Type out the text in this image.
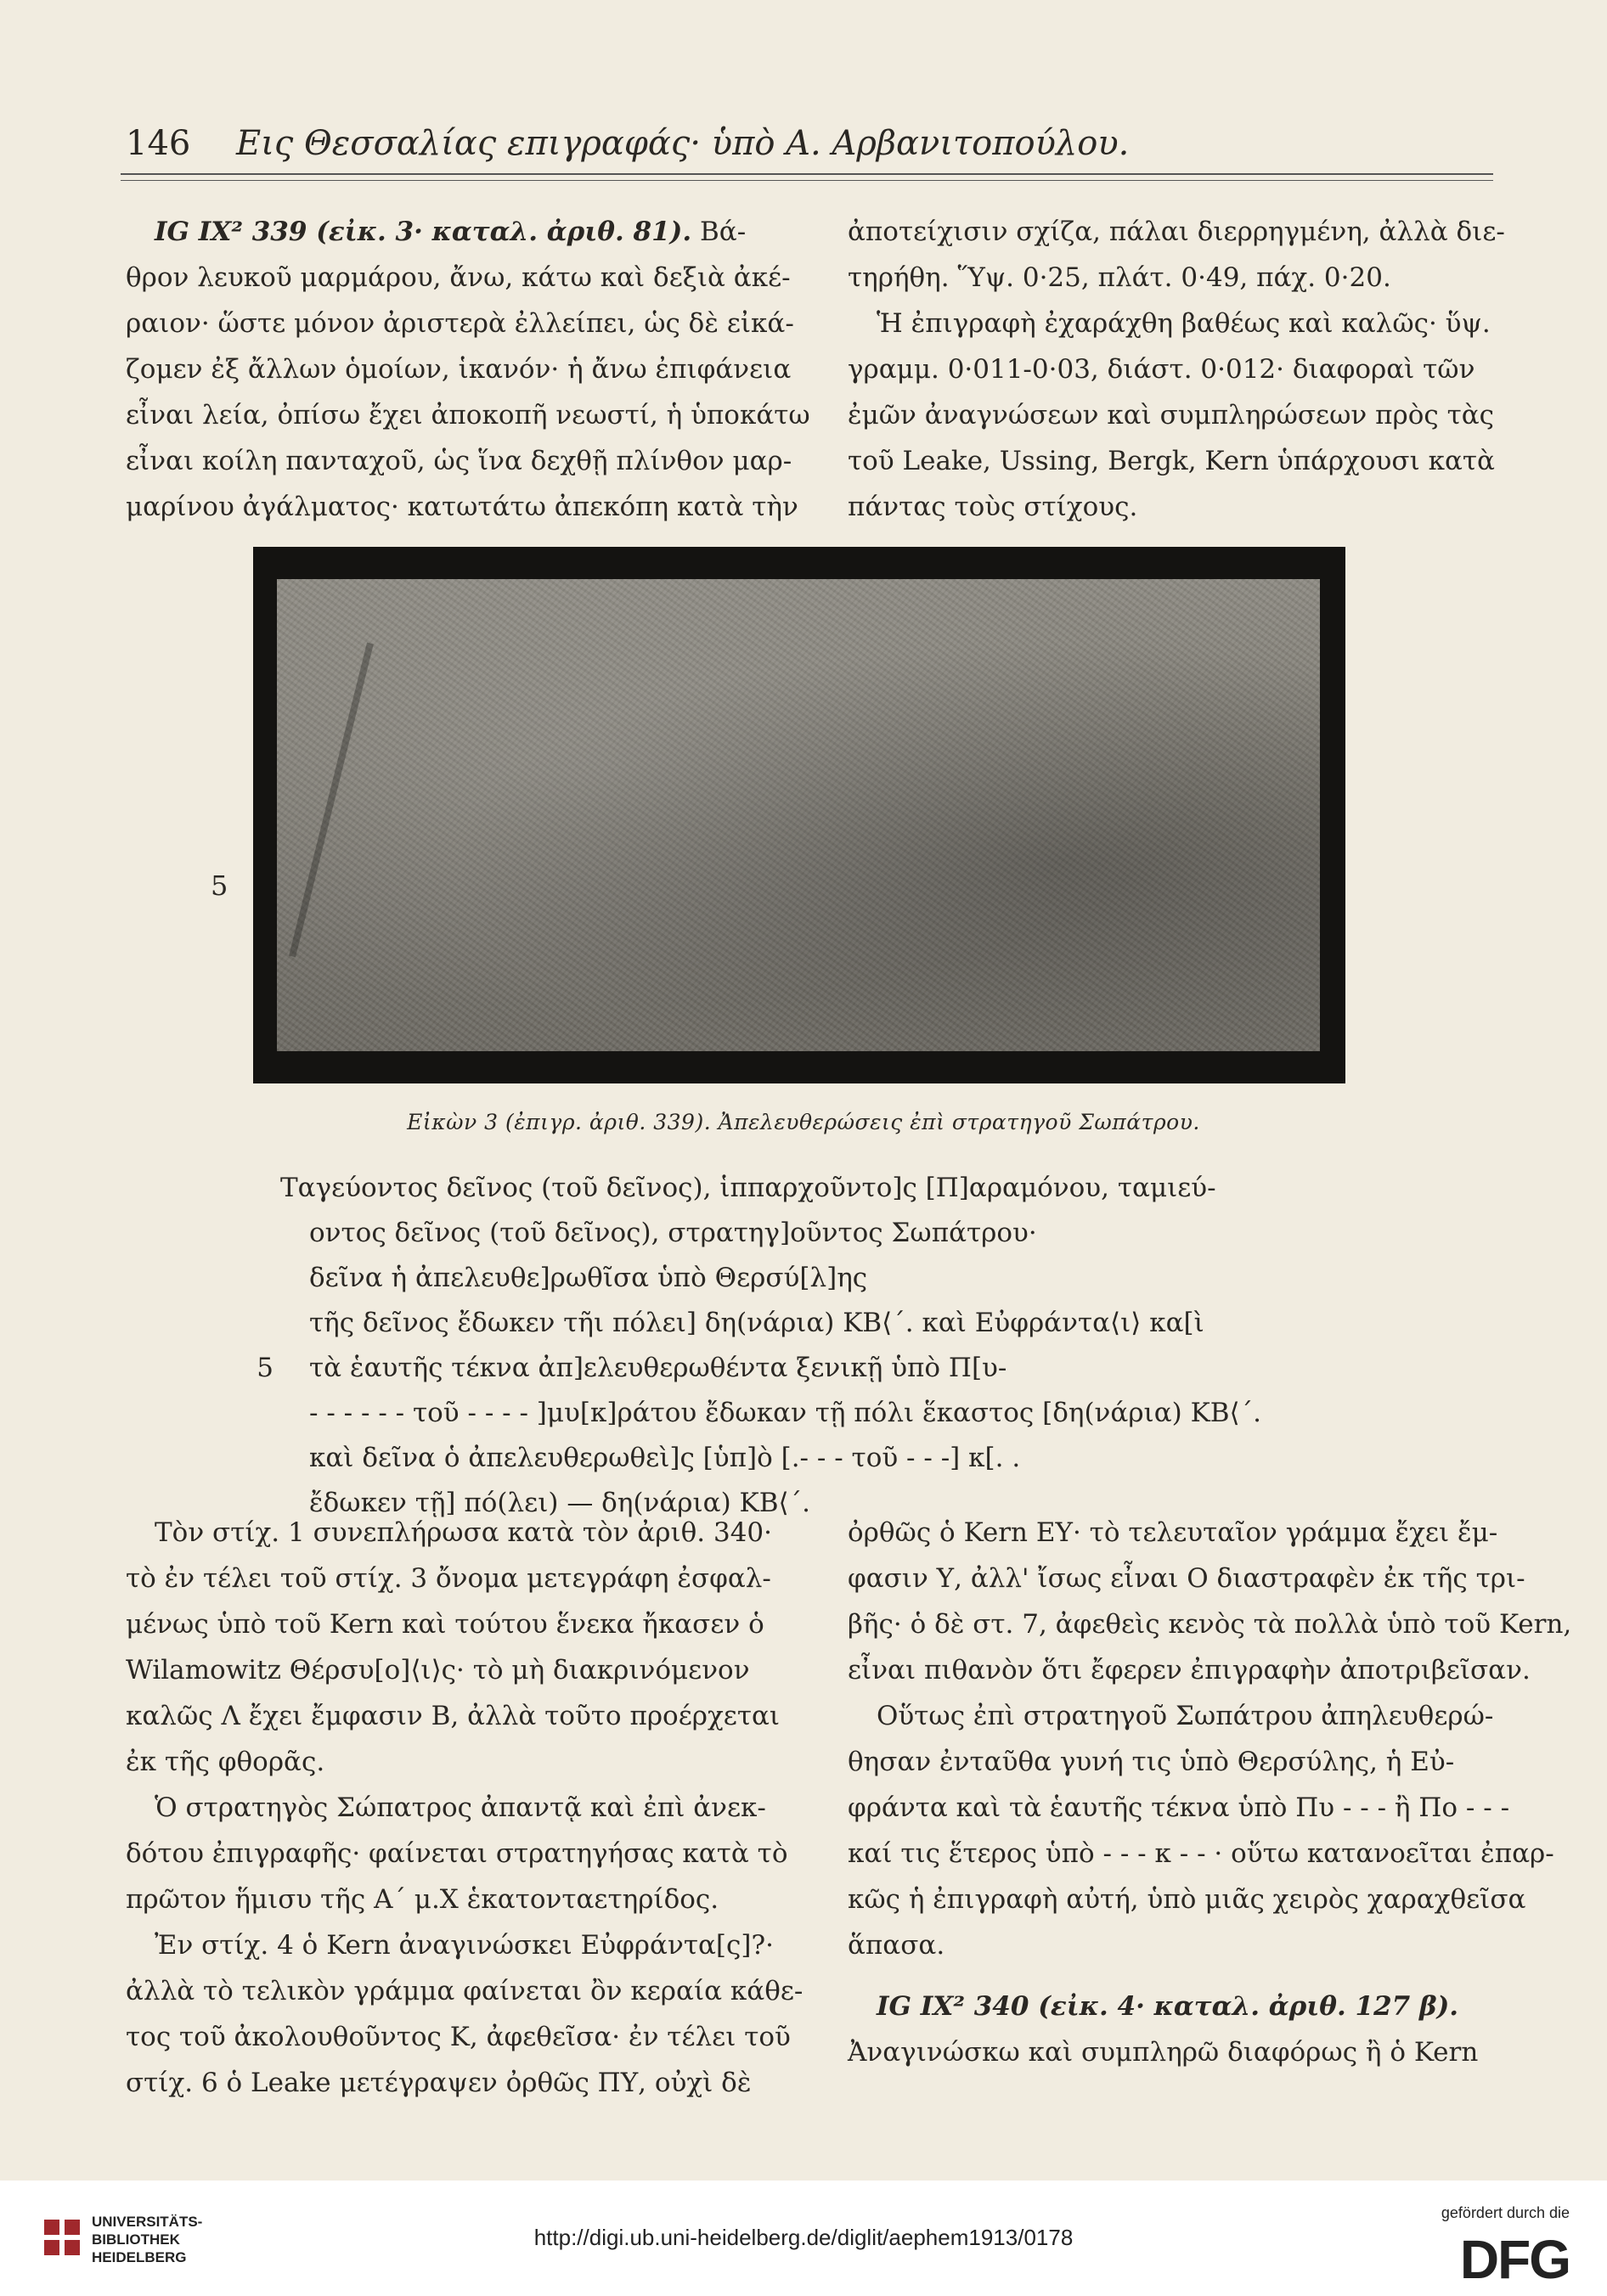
146 Εις Θεσσαλίας επιγραφάς· ὑπὸ Α. Αρβανιτοπούλου.

IG IX² 339 (εἰκ. 3· καταλ. ἀριθ. 81). Βά-

θρον λευκοῦ μαρμάρου, ἄνω, κάτω καὶ δεξιὰ ἀκέ-

ραιον· ὥστε μόνον ἀριστερὰ ἐλλείπει, ὡς δὲ εἰκά-

ζομεν ἐξ ἄλλων ὁμοίων, ἱκανόν· ἡ ἄνω ἐπιφάνεια

εἶναι λεία, ὀπίσω ἔχει ἀποκοπῆ νεωστί, ἡ ὑποκάτω

εἶναι κοίλη πανταχοῦ, ὡς ἵνα δεχθῇ πλίνθον μαρ-

μαρίνου ἀγάλματος· κατωτάτω ἀπεκόπη κατὰ τὴν

ἀποτείχισιν σχίζα, πάλαι διερρηγμένη, ἀλλὰ διε-

τηρήθη. Ὕψ. 0·25, πλάτ. 0·49, πάχ. 0·20.

Ἡ ἐπιγραφὴ ἐχαράχθη βαθέως καὶ καλῶς· ὕψ.

γραμμ. 0·011-0·03, διάστ. 0·012· διαφοραὶ τῶν

ἐμῶν ἀναγνώσεων καὶ συμπληρώσεων πρὸς τὰς

τοῦ Leake, Ussing, Bergk, Kern ὑπάρχουσι κατὰ

πάντας τοὺς στίχους.

5
Εἰκὼν 3 (ἐπιγρ. ἀριθ. 339). Ἀπελευθερώσεις ἐπὶ στρατηγοῦ Σωπάτρου.
Ταγεύοντος δεῖνος (τοῦ δεῖνος), ἱππαρχοῦντο]ς [Π]αραμόνου, ταμιεύ-
οντος δεῖνος (τοῦ δεῖνος), στρατηγ]οῦντος Σωπάτρου·
δεῖνα ἡ ἀπελευθε]ρωθῖσα ὑπὸ Θερσύ[λ]ης
τῆς δεῖνος ἔδωκεν τῆι πόλει] δη(νάρια) ΚΒ⟨΄. καὶ Εὐφράντα⟨ι⟩ κα[ὶ
5 τὰ ἑαυτῆς τέκνα ἀπ]ελευθερωθέντα ξενικῇ ὑπὸ Π[υ-
- - - - - - τοῦ - - - - ]μυ[κ]ράτου ἔδωκαν τῇ πόλι ἕκαστος [δη(νάρια) ΚΒ⟨΄.
καὶ δεῖνα ὁ ἀπελευθερωθεὶ]ς [ὑπ]ὸ [.- - - τοῦ - - -] κ[. .
ἔδωκεν τῇ] πό(λει) — δη(νάρια) ΚΒ⟨΄.

Τὸν στίχ. 1 συνεπλήρωσα κατὰ τὸν ἀριθ. 340·

τὸ ἐν τέλει τοῦ στίχ. 3 ὄνομα μετεγράφη ἐσφαλ-

μένως ὑπὸ τοῦ Kern καὶ τούτου ἕνεκα ἤκασεν ὁ

Wilamowitz Θέρσυ[ο]⟨ι⟩ς· τὸ μὴ διακρινόμενον

καλῶς Λ ἔχει ἔμφασιν Β, ἀλλὰ τοῦτο προέρχεται

ἐκ τῆς φθορᾶς.

Ὁ στρατηγὸς Σώπατρος ἀπαντᾷ καὶ ἐπὶ ἀνεκ-

δότου ἐπιγραφῆς· φαίνεται στρατηγήσας κατὰ τὸ

πρῶτον ἥμισυ τῆς Α΄ μ.Χ ἑκατονταετηρίδος.

Ἐν στίχ. 4 ὁ Kern ἀναγινώσκει Εὐφράντα[ς]?·

ἀλλὰ τὸ τελικὸν γράμμα φαίνεται ὂν κεραία κάθε-

τος τοῦ ἀκολουθοῦντος Κ, ἀφεθεῖσα· ἐν τέλει τοῦ

στίχ. 6 ὁ Leake μετέγραψεν ὀρθῶς ΠΥ, οὐχὶ δὲ

ὀρθῶς ὁ Kern ΕΥ· τὸ τελευταῖον γράμμα ἔχει ἔμ-

φασιν Υ, ἀλλ' ἴσως εἶναι Ο διαστραφὲν ἐκ τῆς τρι-

βῆς· ὁ δὲ στ. 7, ἀφεθεὶς κενὸς τὰ πολλὰ ὑπὸ τοῦ Kern,

εἶναι πιθανὸν ὅτι ἔφερεν ἐπιγραφὴν ἀποτριβεῖσαν.

Οὕτως ἐπὶ στρατηγοῦ Σωπάτρου ἀπηλευθερώ-

θησαν ἐνταῦθα γυνή τις ὑπὸ Θερσύλης, ἡ Εὐ-

φράντα καὶ τὰ ἑαυτῆς τέκνα ὑπὸ Πυ - - - ἢ Πο - - -

καί τις ἕτερος ὑπὸ - - - κ - - · οὕτω κατανοεῖται ἐπαρ-

κῶς ἡ ἐπιγραφὴ αὐτή, ὑπὸ μιᾶς χειρὸς χαραχθεῖσα

ἅπασα.

IG IX² 340 (εἰκ. 4· καταλ. ἀριθ. 127 β).

Ἀναγινώσκω καὶ συμπληρῶ διαφόρως ἢ ὁ Kern

UNIVERSITÄTS-
BIBLIOTHEK
HEIDELBERG
http://digi.ub.uni-heidelberg.de/diglit/aephem1913/0178
gefördert durch die
DFG
